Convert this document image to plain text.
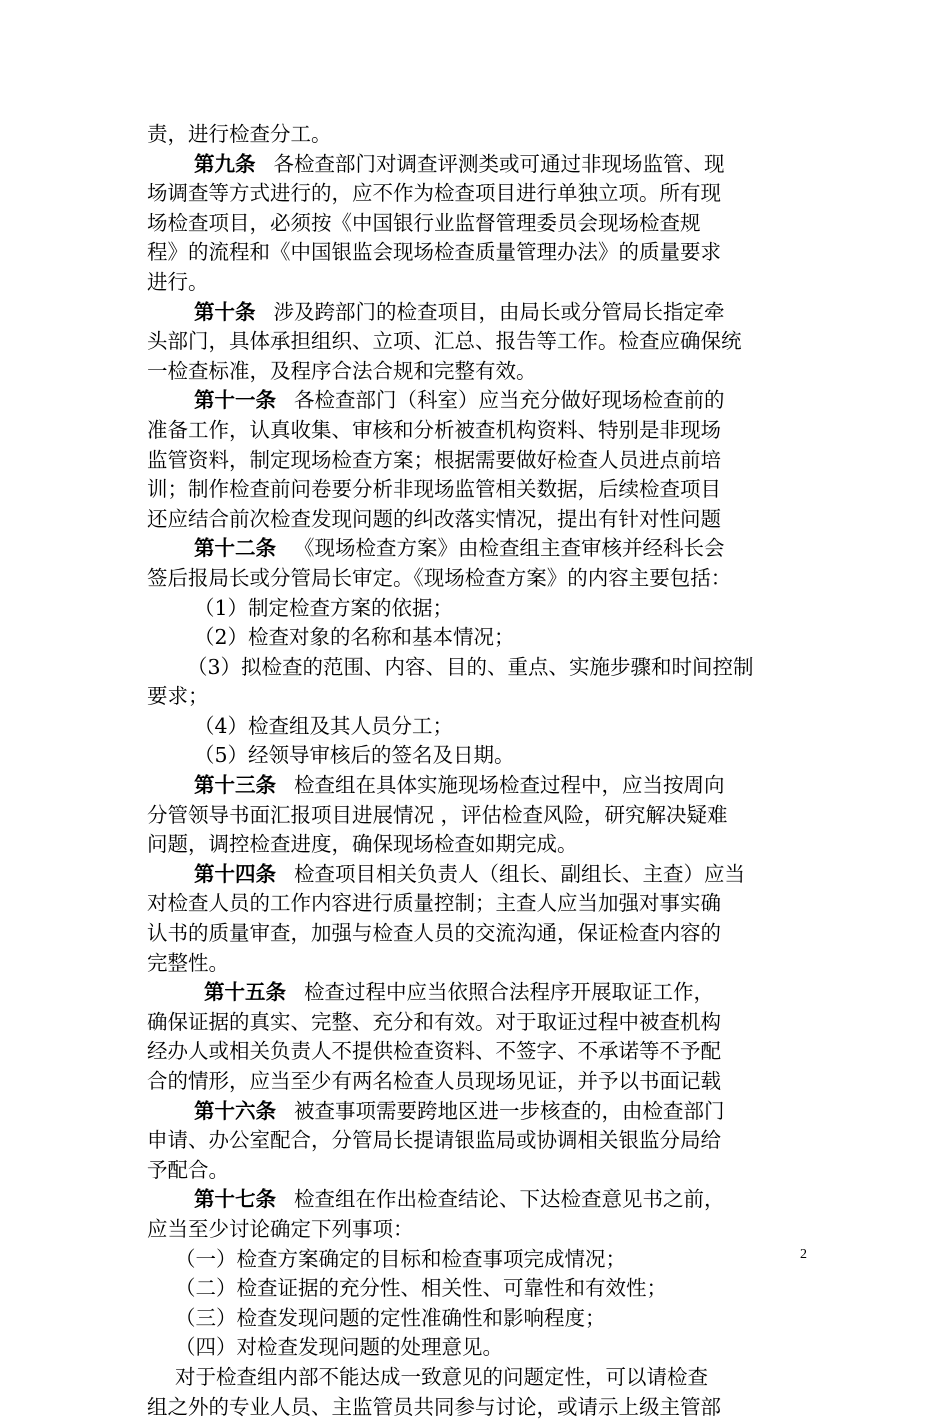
责，进行检查分工。
第九条 各检查部门对调查评测类或可通过非现场监管、现
场调查等方式进行的，应不作为检查项目进行单独立项。所有现
场检查项目，必须按《中国银行业监督管理委员会现场检查规
程》的流程和《中国银监会现场检查质量管理办法》的质量要求
进行。
第十条 涉及跨部门的检查项目，由局长或分管局长指定牵
头部门，具体承担组织、立项、汇总、报告等工作。检查应确保统
一检查标准，及程序合法合规和完整有效。
第十一条 各检查部门（科室）应当充分做好现场检查前的
准备工作，认真收集、审核和分析被查机构资料、特别是非现场
监管资料，制定现场检查方案；根据需要做好检查人员进点前培
训；制作检查前问卷要分析非现场监管相关数据，后续检查项目
还应结合前次检查发现问题的纠改落实情况，提出有针对性问题
第十二条 《现场检查方案》由检查组主查审核并经科长会
签后报局长或分管局长审定。《现场检查方案》的内容主要包括：
（1）制定检查方案的依据；
（2）检查对象的名称和基本情况；
（3）拟检查的范围、内容、目的、重点、实施步骤和时间控制
要求；
（4）检查组及其人员分工；
（5）经领导审核后的签名及日期。
第十三条 检查组在具体实施现场检查过程中，应当按周向
分管领导书面汇报项目进展情况 ，评估检查风险，研究解决疑难
问题，调控检查进度，确保现场检查如期完成。
第十四条 检查项目相关负责人（组长、副组长、主查）应当
对检查人员的工作内容进行质量控制；主查人应当加强对事实确
认书的质量审查，加强与检查人员的交流沟通，保证检查内容的
完整性。
第十五条 检查过程中应当依照合法程序开展取证工作，
确保证据的真实、完整、充分和有效。对于取证过程中被查机构
经办人或相关负责人不提供检查资料、不签字、不承诺等不予配
合的情形，应当至少有两名检查人员现场见证，并予以书面记载
第十六条 被查事项需要跨地区进一步核查的，由检查部门
申请、办公室配合，分管局长提请银监局或协调相关银监分局给
予配合。
第十七条 检查组在作出检查结论、下达检查意见书之前，
应当至少讨论确定下列事项：
（一）检查方案确定的目标和检查事项完成情况；
（二）检查证据的充分性、相关性、可靠性和有效性；
（三）检查发现问题的定性准确性和影响程度；
（四）对检查发现问题的处理意见。
对于检查组内部不能达成一致意见的问题定性，可以请检查
组之外的专业人员、主监管员共同参与讨论，或请示上级主管部
2
